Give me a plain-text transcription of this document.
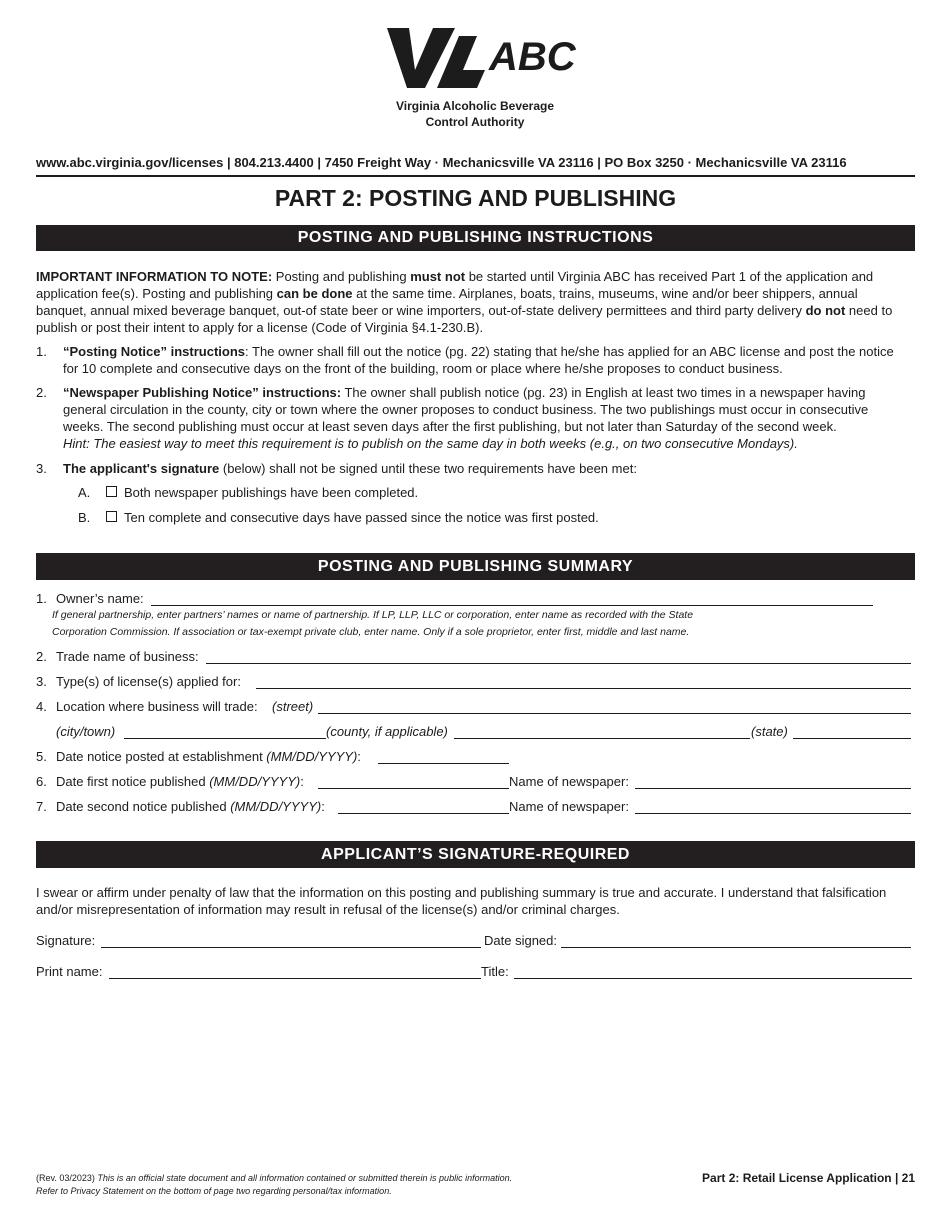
ABC
Virginia Alcoholic Beverage
Control Authority
www.abc.virginia.gov/licenses | 804.213.4400 | 7450 Freight Way · Mechanicsville VA 23116 | PO Box 3250 · Mechanicsville VA 23116
PART 2: POSTING AND PUBLISHING
POSTING AND PUBLISHING INSTRUCTIONS
IMPORTANT INFORMATION TO NOTE: Posting and publishing must not be started until Virginia ABC has received Part 1 of the application and application fee(s). Posting and publishing can be done at the same time. Airplanes, boats, trains, museums, wine and/or beer shippers, annual banquet, annual mixed beverage banquet, out-of state beer or wine importers, out-of-state delivery permittees and third party delivery do not need to publish or post their intent to apply for a license (Code of Virginia §4.1-230.B).
1. “Posting Notice” instructions: The owner shall fill out the notice (pg. 22) stating that he/she has applied for an ABC license and post the notice for 10 complete and consecutive days on the front of the building, room or place where he/she proposes to conduct business.
2. “Newspaper Publishing Notice” instructions: The owner shall publish notice (pg. 23) in English at least two times in a newspaper having general circulation in the county, city or town where the owner proposes to conduct business. The two publishings must occur in consecutive weeks. The second publishing must occur at least seven days after the first publishing, but not later than Saturday of the second week.
Hint: The easiest way to meet this requirement is to publish on the same day in both weeks (e.g., on two consecutive Mondays).
3. The applicant's signature (below) shall not be signed until these two requirements have been met:
A.	Both newspaper publishings have been completed.
B.	Ten complete and consecutive days have passed since the notice was first posted.
POSTING AND PUBLISHING SUMMARY
1. Owner’s name:
If general partnership, enter partners’ names or name of partnership. If LP, LLP, LLC or corporation, enter name as recorded with the State
Corporation Commission. If association or tax-exempt private club, enter name. Only if a sole proprietor, enter first, middle and last name.
2. Trade name of business:
3. Type(s) of license(s) applied for:
4. Location where business will trade: (street)
(city/town)	(county, if applicable)	(state)
5. Date notice posted at establishment (MM/DD/YYYY):
6. Date first notice published (MM/DD/YYYY):	Name of newspaper:
7. Date second notice published (MM/DD/YYYY):	Name of newspaper:
APPLICANT’S SIGNATURE-REQUIRED
I swear or affirm under penalty of law that the information on this posting and publishing summary is true and accurate. I understand that falsification and/or misrepresentation of information may result in refusal of the license(s) and/or criminal charges.
Signature:	Date signed:
Print name:	Title:
(Rev. 03/2023) This is an official state document and all information contained or submitted therein is public information.
Refer to Privacy Statement on the bottom of page two regarding personal/tax information.
Part 2: Retail License Application | 21
